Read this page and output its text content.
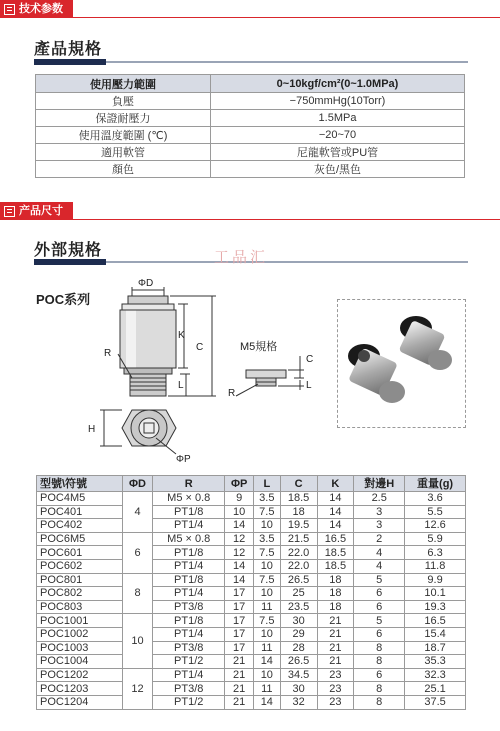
技术参数
產品規格
使用壓力範圍	0~10kgf/cm²(0~1.0MPa)
負壓	−750mmHg(10Torr)
保證耐壓力	1.5MPa
使用溫度範圍 (℃)	−20~70
適用軟管	尼龍軟管或PU管
顏色	灰色/黑色
产品尺寸
外部規格	工品汇
POC系列
ΦD
K
C
L
R
H
ΦP
M5規格
C
L
R
型號\符號	ΦD	R	ΦP	L	C	K	對邊H	重量(g)
POC4M5	4	M5 × 0.8	9	3.5	18.5	14	2.5	3.6
POC401		PT1/8	10	7.5	18	14	3	5.5
POC402		PT1/4	14	10	19.5	14	3	12.6
POC6M5	6	M5 × 0.8	12	3.5	21.5	16.5	2	5.9
POC601		PT1/8	12	7.5	22.0	18.5	4	6.3
POC602		PT1/4	14	10	22.0	18.5	4	11.8
POC801	8	PT1/8	14	7.5	26.5	18	5	9.9
POC802		PT1/4	17	10	25	18	6	10.1
POC803		PT3/8	17	11	23.5	18	6	19.3
POC1001	10	PT1/8	17	7.5	30	21	5	16.5
POC1002		PT1/4	17	10	29	21	6	15.4
POC1003		PT3/8	17	11	28	21	8	18.7
POC1004		PT1/2	21	14	26.5	21	8	35.3
POC1202	12	PT1/4	21	10	34.5	23	6	32.3
POC1203		PT3/8	21	11	30	23	8	25.1
POC1204		PT1/2	21	14	32	23	8	37.5
